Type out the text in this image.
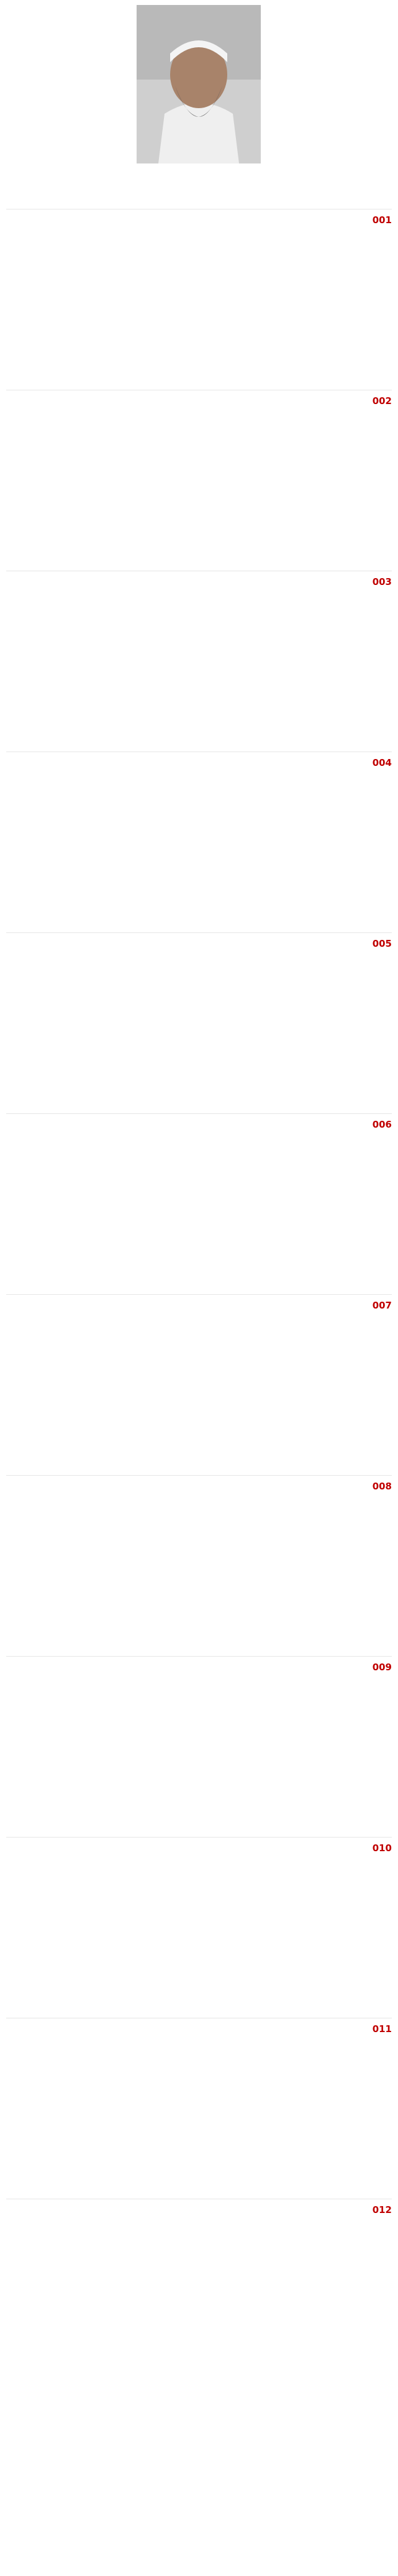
001
002
003
004
005
006
007
008
009
010
011
012
